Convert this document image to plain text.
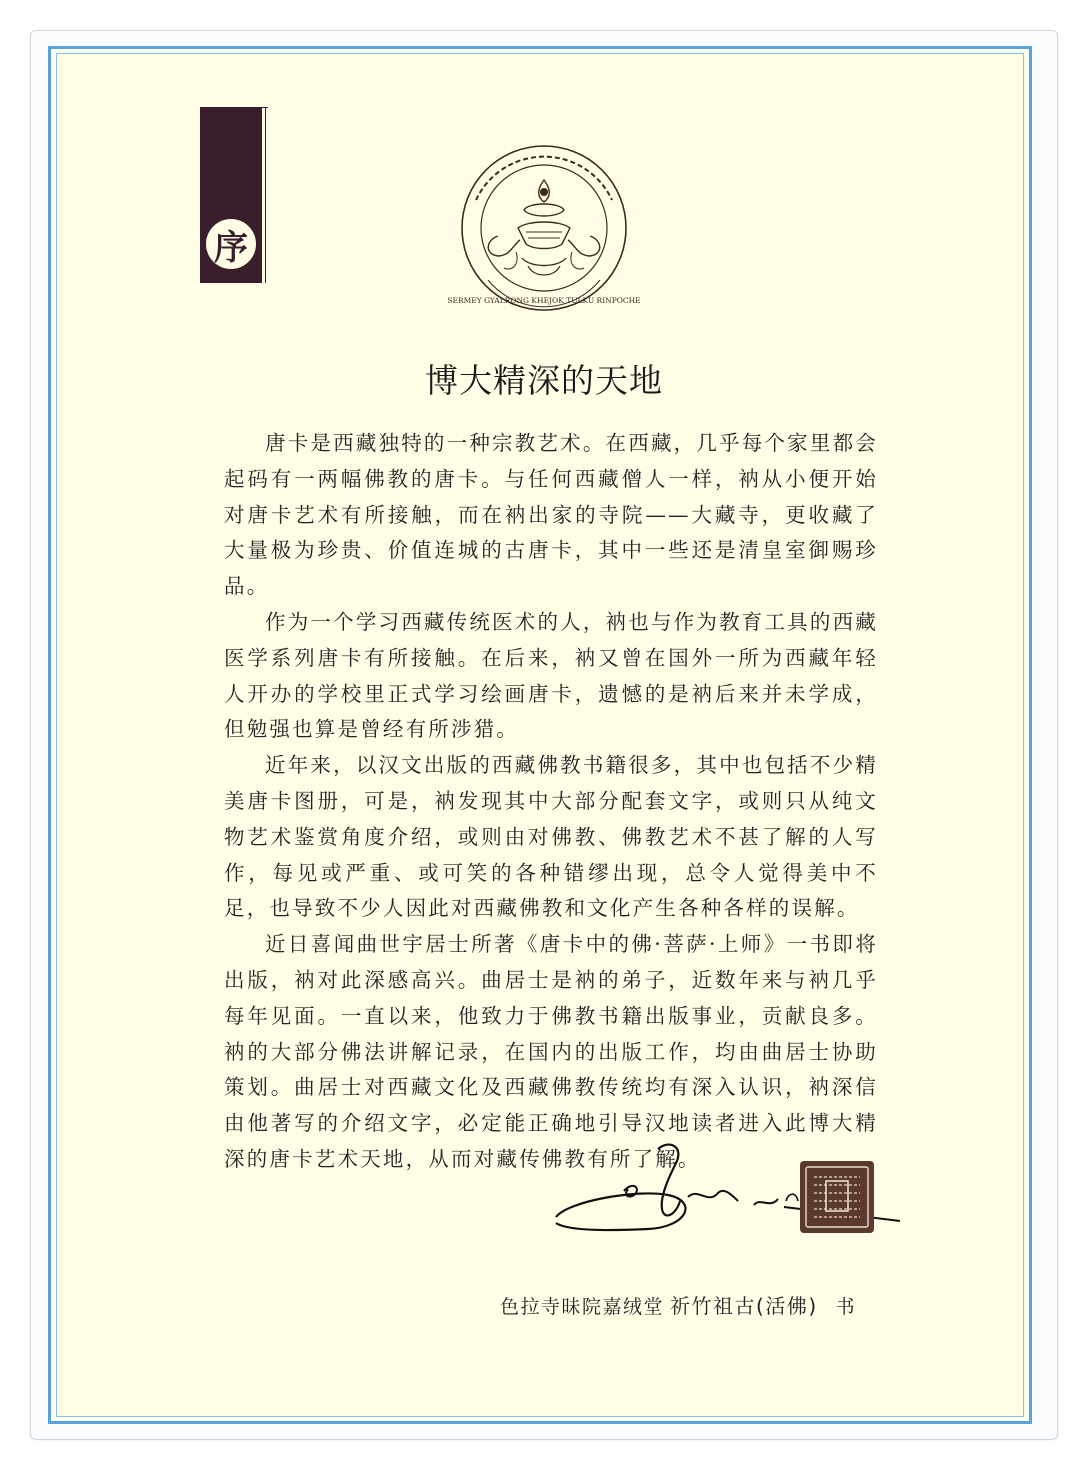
序
SERMEY GYALRONG KHEJOK TULKU RINPOCHE
博大精深的天地

唐卡是西藏独特的一种宗教艺术。在西藏，几乎每个家里都会起码有一两幅佛教的唐卡。与任何西藏僧人一样，衲从小便开始对唐卡艺术有所接触，而在衲出家的寺院——大藏寺，更收藏了大量极为珍贵、价值连城的古唐卡，其中一些还是清皇室御赐珍品。

作为一个学习西藏传统医术的人，衲也与作为教育工具的西藏医学系列唐卡有所接触。在后来，衲又曾在国外一所为西藏年轻人开办的学校里正式学习绘画唐卡，遗憾的是衲后来并未学成，但勉强也算是曾经有所涉猎。

近年来，以汉文出版的西藏佛教书籍很多，其中也包括不少精美唐卡图册，可是，衲发现其中大部分配套文字，或则只从纯文物艺术鉴赏角度介绍，或则由对佛教、佛教艺术不甚了解的人写作，每见或严重、或可笑的各种错缪出现，总令人觉得美中不足，也导致不少人因此对西藏佛教和文化产生各种各样的误解。

近日喜闻曲世宇居士所著《唐卡中的佛·菩萨·上师》一书即将出版，衲对此深感高兴。曲居士是衲的弟子，近数年来与衲几乎每年见面。一直以来，他致力于佛教书籍出版事业，贡献良多。衲的大部分佛法讲解记录，在国内的出版工作，均由曲居士协助策划。曲居士对西藏文化及西藏佛教传统均有深入认识，衲深信由他著写的介绍文字，必定能正确地引导汉地读者进入此博大精深的唐卡艺术天地，从而对藏传佛教有所了解。

色拉寺昧院嘉绒堂 祈竹祖古(活佛) 书
